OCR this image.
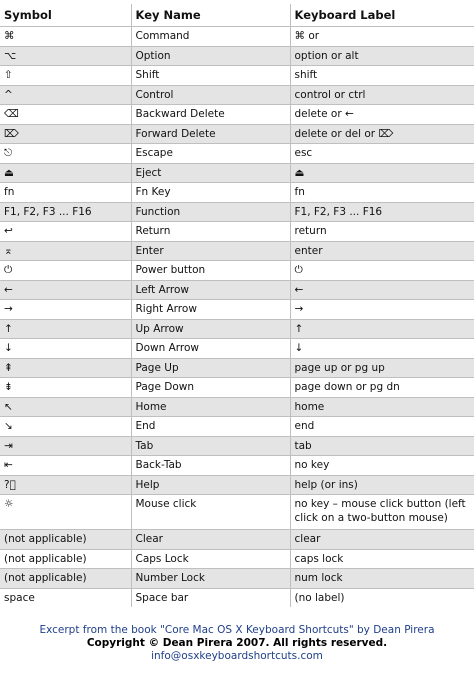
Symbol	Key Name	Keyboard Label
⌘	Command	⌘ or
⌥	Option	option or alt
⇧	Shift	shift
^	Control	control or ctrl
⌫	Backward Delete	delete or ←
⌦	Forward Delete	delete or del or ⌦
⎋	Escape	esc
⏏	Eject	⏏
fn	Fn Key	fn
F1, F2, F3 ... F16	Function	F1, F2, F3 ... F16
↩	Return	return
⌅	Enter	enter
⏻	Power button	⏻
←	Left Arrow	←
→	Right Arrow	→
↑	Up Arrow	↑
↓	Down Arrow	↓
⇞	Page Up	page up or pg up
⇟	Page Down	page down or pg dn
↖	Home	home
↘	End	end
⇥	Tab	tab
⇤	Back-Tab	no key
?⃝	Help	help (or ins)
☼	Mouse click	no key – mouse click button (left click on a two-button mouse)
(not applicable)	Clear	clear
(not applicable)	Caps Lock	caps lock
(not applicable)	Number Lock	num lock
space	Space bar	(no label)
Excerpt from the book "Core Mac OS X Keyboard Shortcuts" by Dean Pirera
Copyright © Dean Pirera 2007. All rights reserved.
info@osxkeyboardshortcuts.com
